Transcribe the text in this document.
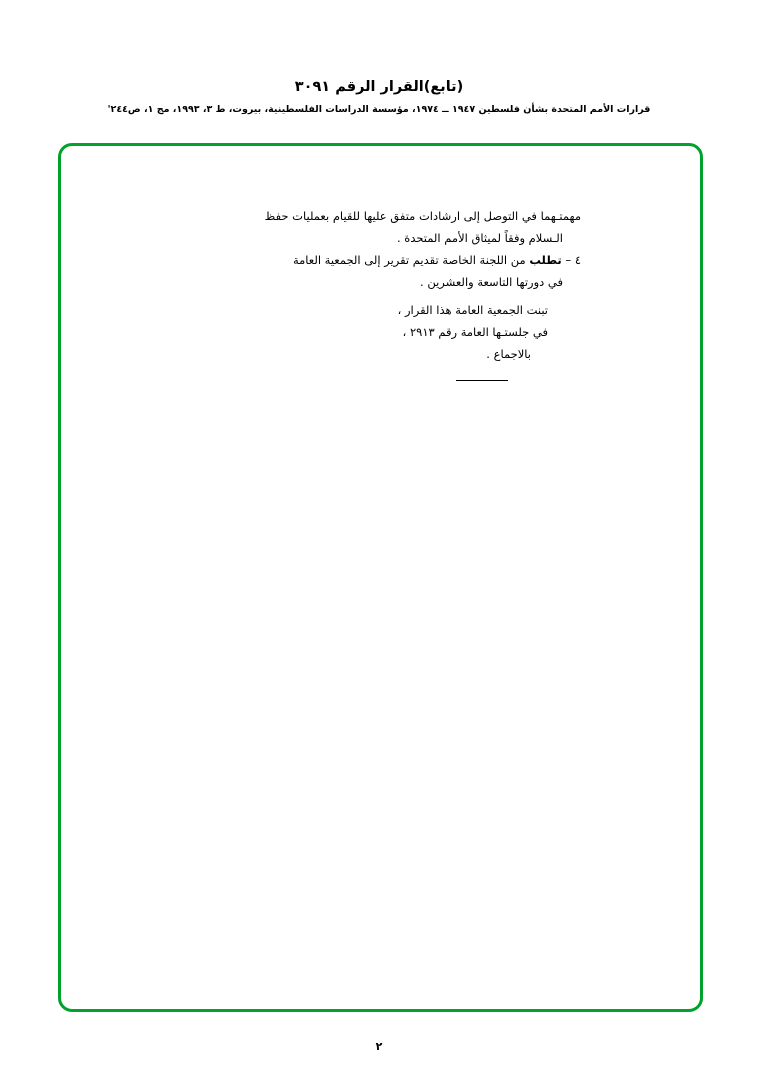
(تابع)القرار الرقم ٣٠٩١
قرارات الأمم المتحدة بشأن فلسطين ١٩٤٧ ــ ١٩٧٤، مؤسسة الدراسات الفلسطينية، بيروت، ط ٣، ١٩٩٣، مج ١، ص٢٤٤'

مهمتـهما في التوصل إلى ارشادات متفق عليها للقيام بعمليات حفظ

الـسلام وفقاً لميثاق الأمم المتحدة .

٤ – تطلب من اللجنة الخاصة تقديم تقرير إلى الجمعية العامة

في دورتها التاسعة والعشرين .

تبنت الجمعية العامة هذا القرار ،

في جلستـها العامة رقم ٢٩١٣ ،

بالاجماع .

٢
